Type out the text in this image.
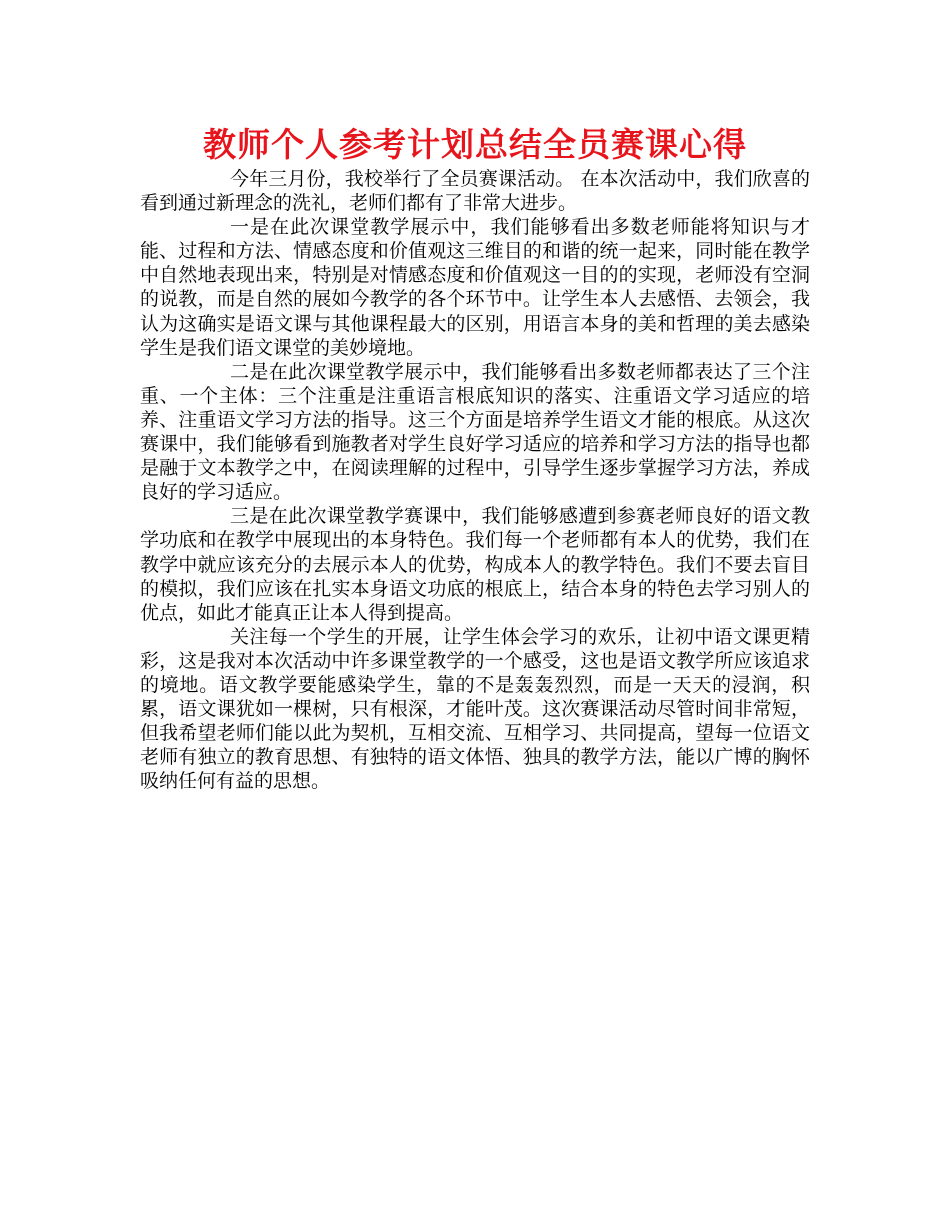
教师个人参考计划总结全员赛课心得

今年三月份，我校举行了全员赛课活动。 在本次活动中，我们欣喜的看到通过新理念的洗礼，老师们都有了非常大进步。

一是在此次课堂教学展示中，我们能够看出多数老师能将知识与才能、过程和方法、情感态度和价值观这三维目的和谐的统一起来，同时能在教学中自然地表现出来，特别是对情感态度和价值观这一目的的实现，老师没有空洞的说教，而是自然的展如今教学的各个环节中。让学生本人去感悟、去领会，我认为这确实是语文课与其他课程最大的区别，用语言本身的美和哲理的美去感染学生是我们语文课堂的美妙境地。

二是在此次课堂教学展示中，我们能够看出多数老师都表达了三个注重、一个主体：三个注重是注重语言根底知识的落实、注重语文学习适应的培养、注重语文学习方法的指导。这三个方面是培养学生语文才能的根底。从这次赛课中，我们能够看到施教者对学生良好学习适应的培养和学习方法的指导也都是融于文本教学之中，在阅读理解的过程中，引导学生逐步掌握学习方法，养成良好的学习适应。

三是在此次课堂教学赛课中，我们能够感遭到参赛老师良好的语文教学功底和在教学中展现出的本身特色。我们每一个老师都有本人的优势，我们在教学中就应该充分的去展示本人的优势，构成本人的教学特色。我们不要去盲目的模拟，我们应该在扎实本身语文功底的根底上，结合本身的特色去学习别人的优点，如此才能真正让本人得到提高。

关注每一个学生的开展，让学生体会学习的欢乐，让初中语文课更精彩，这是我对本次活动中许多课堂教学的一个感受，这也是语文教学所应该追求的境地。语文教学要能感染学生，靠的不是轰轰烈烈，而是一天天的浸润，积累，语文课犹如一棵树，只有根深，才能叶茂。这次赛课活动尽管时间非常短，但我希望老师们能以此为契机，互相交流、互相学习、共同提高，望每一位语文老师有独立的教育思想、有独特的语文体悟、独具的教学方法，能以广博的胸怀吸纳任何有益的思想。
